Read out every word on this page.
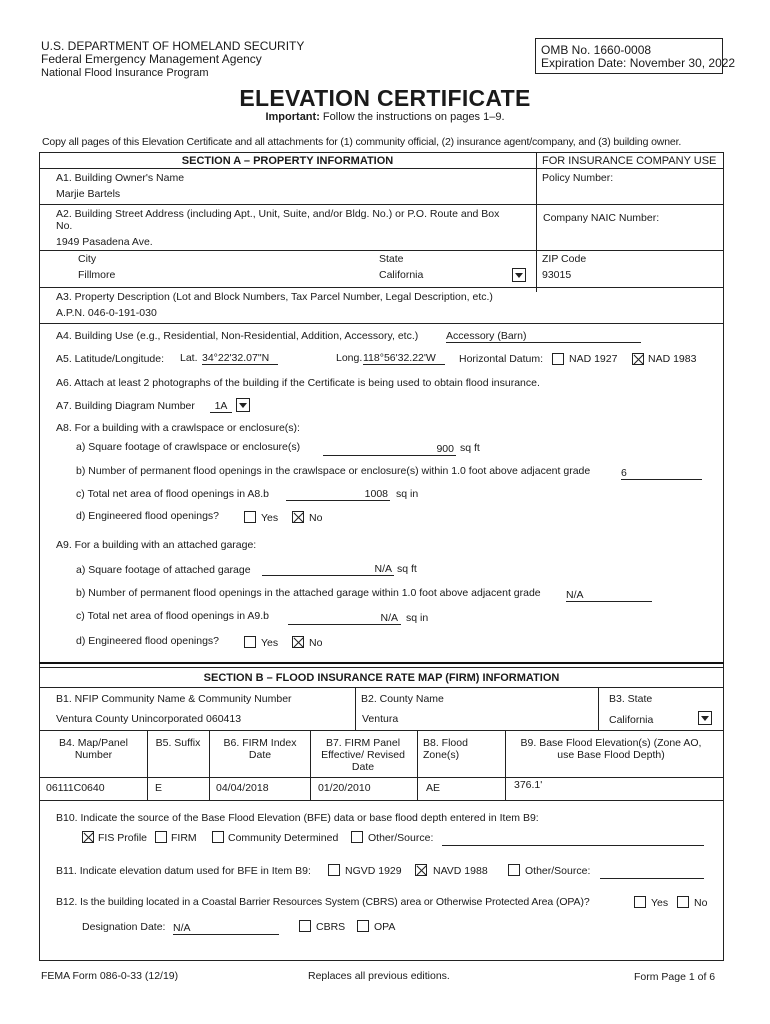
U.S. DEPARTMENT OF HOMELAND SECURITY
Federal Emergency Management Agency
National Flood Insurance Program
OMB No. 1660-0008
Expiration Date: November 30, 2022
ELEVATION CERTIFICATE
Important: Follow the instructions on pages 1–9.
Copy all pages of this Elevation Certificate and all attachments for (1) community official, (2) insurance agent/company, and (3) building owner.
SECTION A – PROPERTY INFORMATION	FOR INSURANCE COMPANY USE
A1. Building Owner's Name
Marjie Bartels
Policy Number:
A2. Building Street Address (including Apt., Unit, Suite, and/or Bldg. No.) or P.O. Route and Box No.
1949 Pasadena Ave.
Company NAIC Number:
City
Fillmore
State
California
ZIP Code
93015
A3. Property Description (Lot and Block Numbers, Tax Parcel Number, Legal Description, etc.)
A.P.N. 046-0-191-030
A4. Building Use (e.g., Residential, Non-Residential, Addition, Accessory, etc.)	Accessory (Barn)
A5. Latitude/Longitude: Lat. 34°22'32.07"N	Long. 118°56'32.22'W	Horizontal Datum: NAD 1927	NAD 1983
A6. Attach at least 2 photographs of the building if the Certificate is being used to obtain flood insurance.
A7. Building Diagram Number	1A
A8. For a building with a crawlspace or enclosure(s):
a) Square footage of crawlspace or enclosure(s)	900 sq ft
b) Number of permanent flood openings in the crawlspace or enclosure(s) within 1.0 foot above adjacent grade	6
c) Total net area of flood openings in A8.b	1008 sq in
d) Engineered flood openings?	Yes	No
A9. For a building with an attached garage:
a) Square footage of attached garage	N/A sq ft
b) Number of permanent flood openings in the attached garage within 1.0 foot above adjacent grade N/A
c) Total net area of flood openings in A9.b	N/A sq in
d) Engineered flood openings?	Yes	No
SECTION B – FLOOD INSURANCE RATE MAP (FIRM) INFORMATION
B1. NFIP Community Name & Community Number
Ventura County Unincorporated 060413
B2. County Name
Ventura
B3. State
California
B4. Map/Panel Number
06111C0640
B5. Suffix
E
B6. FIRM Index Date
04/04/2018
B7. FIRM Panel Effective/ Revised Date
01/20/2010
B8. Flood Zone(s)
AE
B9. Base Flood Elevation(s) (Zone AO, use Base Flood Depth)
376.1'
B10. Indicate the source of the Base Flood Elevation (BFE) data or base flood depth entered in Item B9:
FIS Profile FIRM	Community Determined	Other/Source:
B11. Indicate elevation datum used for BFE in Item B9:	NGVD 1929	NAVD 1988	Other/Source:
B12. Is the building located in a Coastal Barrier Resources System (CBRS) area or Otherwise Protected Area (OPA)?	Yes No
Designation Date: N/A	CBRS	OPA
FEMA Form 086-0-33 (12/19)	Replaces all previous editions.	Form Page 1 of 6
